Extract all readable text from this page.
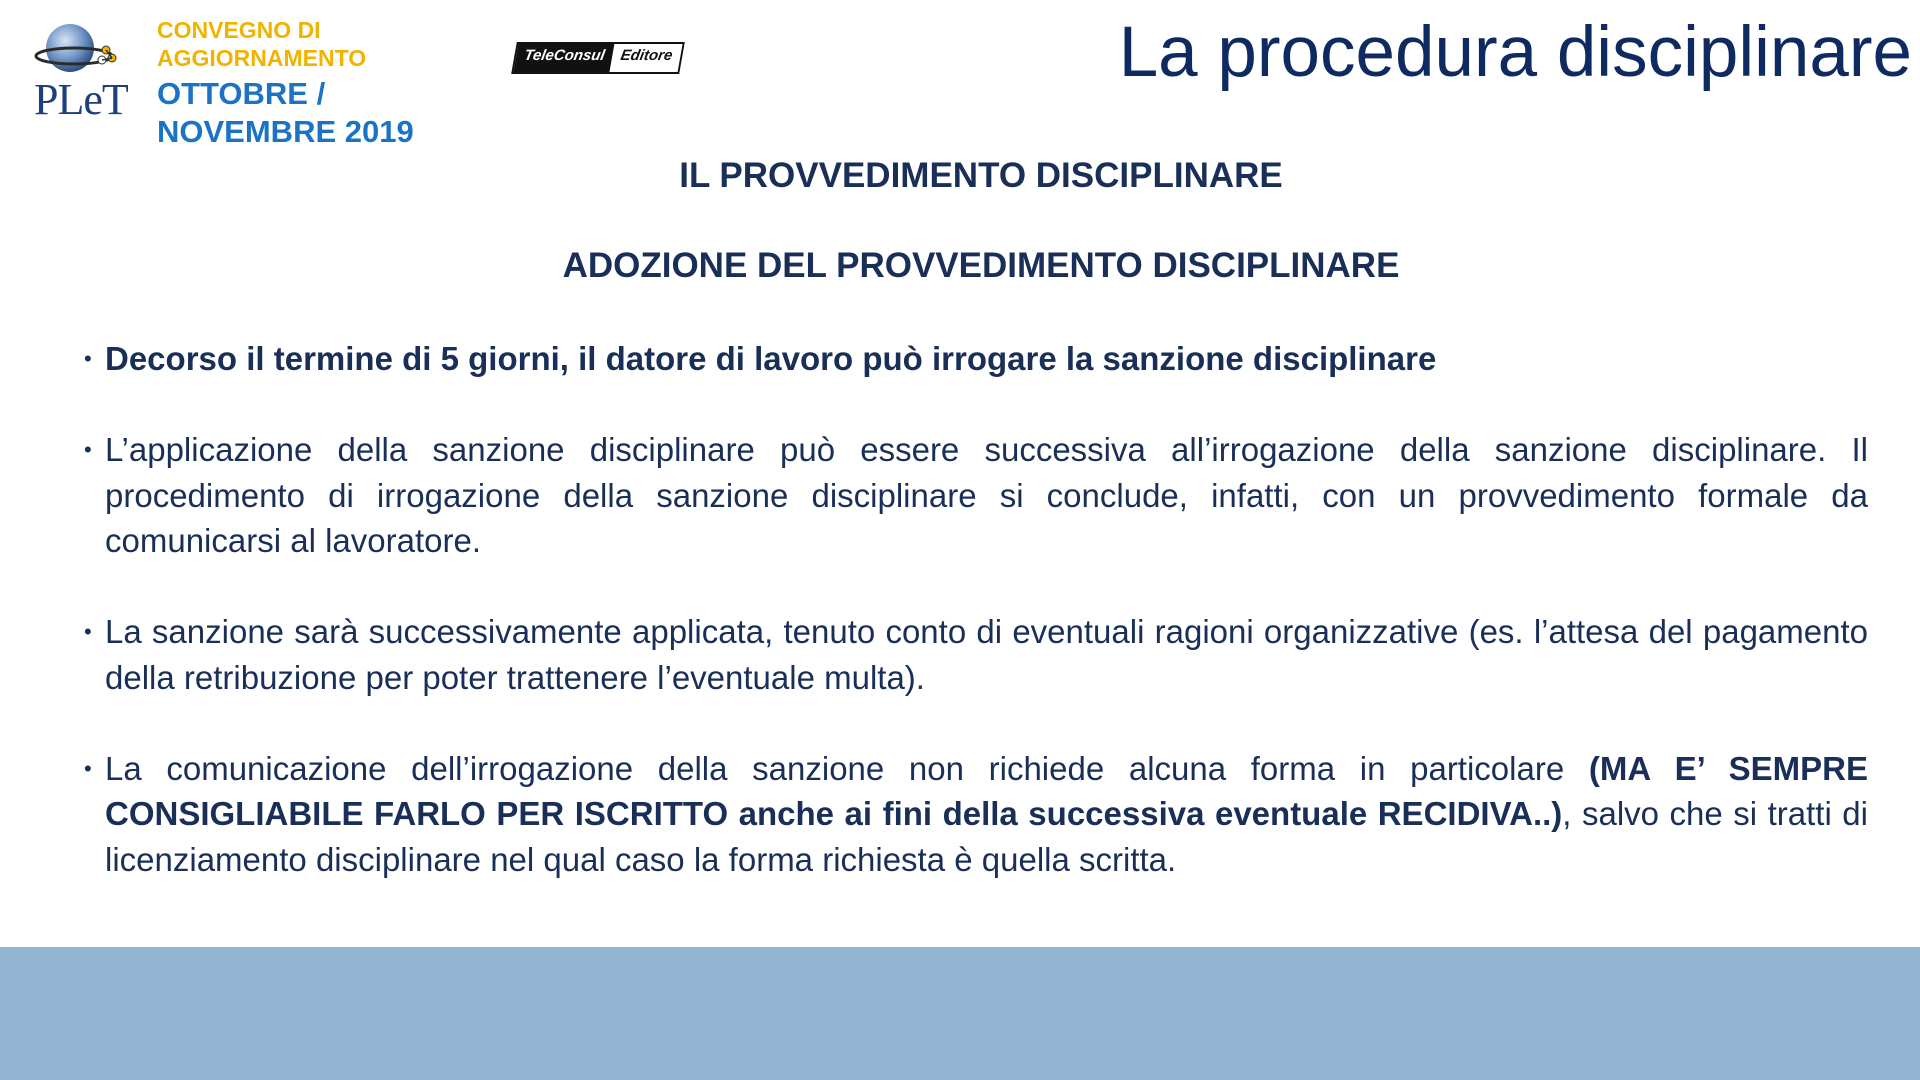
PLeT
CONVEGNO DI
AGGIORNAMENTO
OTTOBRE /
NOVEMBRE 2019
TeleConsul Editore	La procedura disciplinare
IL PROVVEDIMENTO DISCIPLINARE
ADOZIONE DEL PROVVEDIMENTO DISCIPLINARE
• Decorso il termine di 5 giorni, il datore di lavoro può irrogare la sanzione disciplinare
• L’applicazione della sanzione disciplinare può essere successiva all’irrogazione della sanzione disciplinare. Il procedimento di irrogazione della sanzione disciplinare si conclude, infatti, con un provvedimento formale da comunicarsi al lavoratore.
• La sanzione sarà successivamente applicata, tenuto conto di eventuali ragioni organizzative (es. l’attesa del pagamento della retribuzione per poter trattenere l’eventuale multa).
• La comunicazione dell’irrogazione della sanzione non richiede alcuna forma in particolare (MA E’ SEMPRE CONSIGLIABILE FARLO PER ISCRITTO anche ai fini della successiva eventuale RECIDIVA..), salvo che si tratti di licenziamento disciplinare nel qual caso la forma richiesta è quella scritta.
